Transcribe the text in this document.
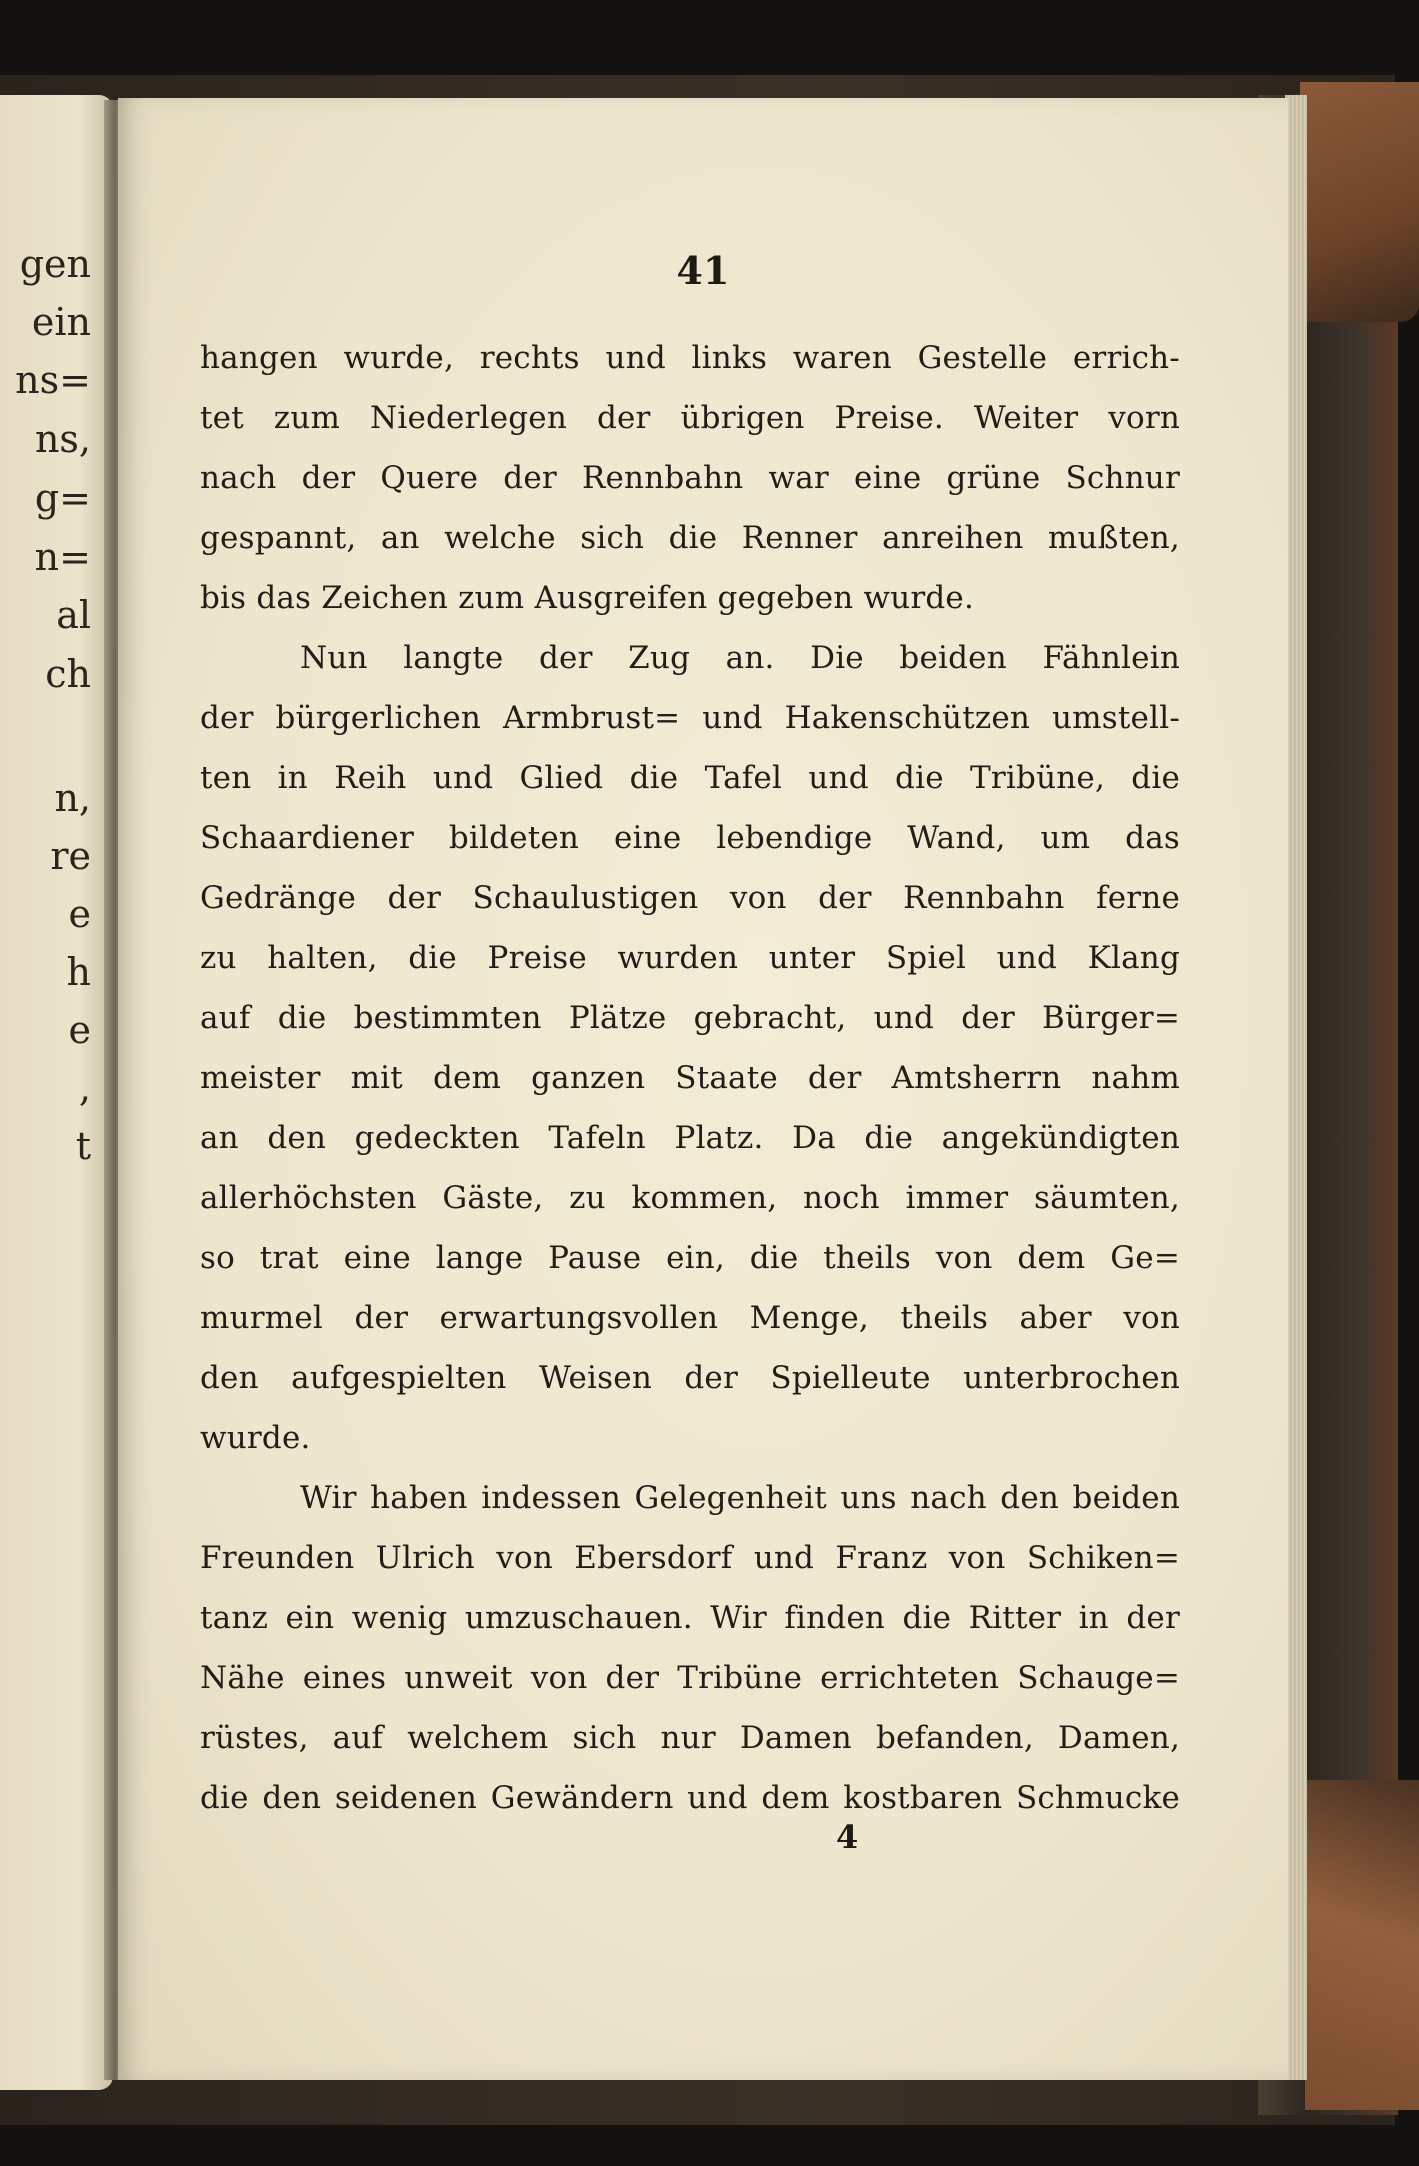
gen
ein
ns=
ns,
g=
n=
al
ch
n,
re
e
h
e
,
t
41
hangen wurde, rechts und links waren Gestelle errich-
tet zum Niederlegen der übrigen Preise. Weiter vorn
nach der Quere der Rennbahn war eine grüne Schnur
gespannt, an welche sich die Renner anreihen mußten,
bis das Zeichen zum Ausgreifen gegeben wurde.
Nun langte der Zug an. Die beiden Fähnlein
der bürgerlichen Armbrust= und Hakenschützen umstell-
ten in Reih und Glied die Tafel und die Tribüne, die
Schaardiener bildeten eine lebendige Wand, um das
Gedränge der Schaulustigen von der Rennbahn ferne
zu halten, die Preise wurden unter Spiel und Klang
auf die bestimmten Plätze gebracht, und der Bürger=
meister mit dem ganzen Staate der Amtsherrn nahm
an den gedeckten Tafeln Platz. Da die angekündigten
allerhöchsten Gäste, zu kommen, noch immer säumten,
so trat eine lange Pause ein, die theils von dem Ge=
murmel der erwartungsvollen Menge, theils aber von
den aufgespielten Weisen der Spielleute unterbrochen
wurde.
Wir haben indessen Gelegenheit uns nach den beiden
Freunden Ulrich von Ebersdorf und Franz von Schiken=
tanz ein wenig umzuschauen. Wir finden die Ritter in der
Nähe eines unweit von der Tribüne errichteten Schauge=
rüstes, auf welchem sich nur Damen befanden, Damen,
die den seidenen Gewändern und dem kostbaren Schmucke
4
